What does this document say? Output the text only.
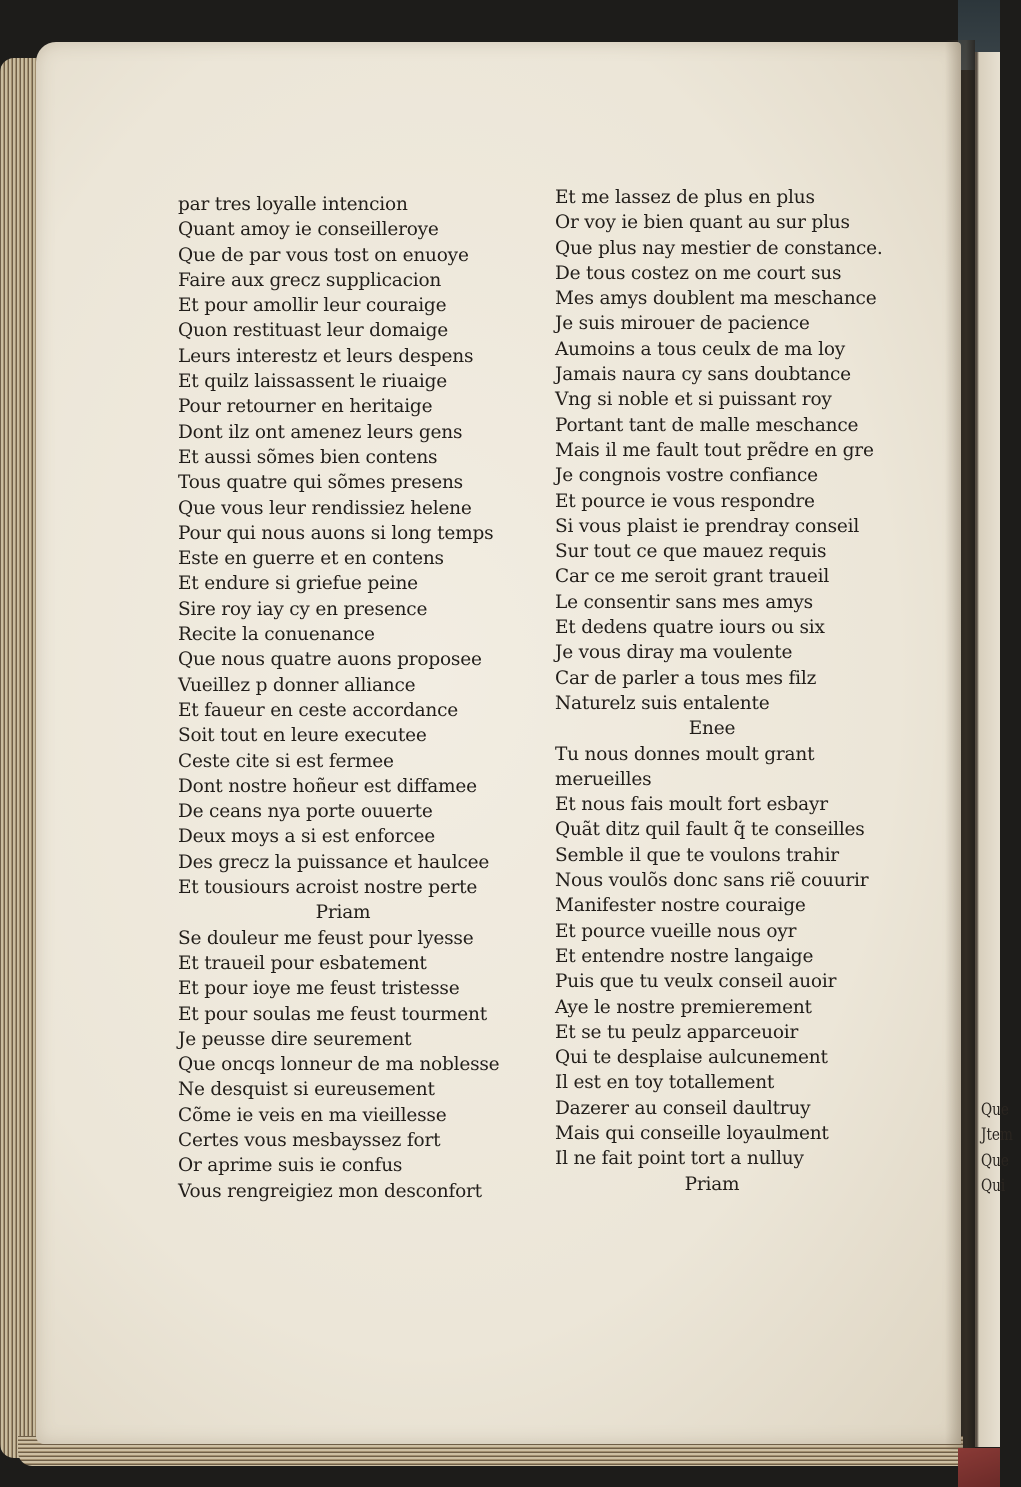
Que
Jtem
Que
Qui
par tres loyalle intencion
Quant amoy ie conseilleroye
Que de par vous tost on enuoye
Faire aux grecz supplicacion
Et pour amollir leur couraige
Quon restituast leur domaige
Leurs interestz et leurs despens
Et quilz laissassent le riuaige
Pour retourner en heritaige
Dont ilz ont amenez leurs gens
Et aussi sõmes bien contens
Tous quatre qui sõmes presens
Que vous leur rendissiez helene
Pour qui nous auons si long temps
Este en guerre et en contens
Et endure si griefue peine
Sire roy iay cy en presence
Recite la conuenance
Que nous quatre auons proposee
Vueillez p donner alliance
Et faueur en ceste accordance
Soit tout en leure executee
Ceste cite si est fermee
Dont nostre hoñeur est diffamee
De ceans nya porte ouuerte
Deux moys a si est enforcee
Des grecz la puissance et haulcee
Et tousiours acroist nostre perte
Priam
Se douleur me feust pour lyesse
Et traueil pour esbatement
Et pour ioye me feust tristesse
Et pour soulas me feust tourment
Je peusse dire seurement
Que oncqs lonneur de ma noblesse
Ne desquist si eureusement
Cõme ie veis en ma vieillesse
Certes vous mesbayssez fort
Or aprime suis ie confus
Vous rengreigiez mon desconfort
Et me lassez de plus en plus
Or voy ie bien quant au sur plus
Que plus nay mestier de constance.
De tous costez on me court sus
Mes amys doublent ma meschance
Je suis mirouer de pacience
Aumoins a tous ceulx de ma loy
Jamais naura cy sans doubtance
Vng si noble et si puissant roy
Portant tant de malle meschance
Mais il me fault tout prẽdre en gre
Je congnois vostre confiance
Et pource ie vous respondre
Si vous plaist ie prendray conseil
Sur tout ce que mauez requis
Car ce me seroit grant traueil
Le consentir sans mes amys
Et dedens quatre iours ou six
Je vous diray ma voulente
Car de parler a tous mes filz
Naturelz suis entalente
Enee
Tu nous donnes moult grant
merueilles
Et nous fais moult fort esbayr
Quãt ditz quil fault q̃ te conseilles
Semble il que te voulons trahir
Nous voulõs donc sans riẽ couurir
Manifester nostre couraige
Et pource vueille nous oyr
Et entendre nostre langaige
Puis que tu veulx conseil auoir
Aye le nostre premierement
Et se tu peulz apparceuoir
Qui te desplaise aulcunement
Il est en toy totallement
Dazerer au conseil daultruy
Mais qui conseille loyaulment
Il ne fait point tort a nulluy
Priam
